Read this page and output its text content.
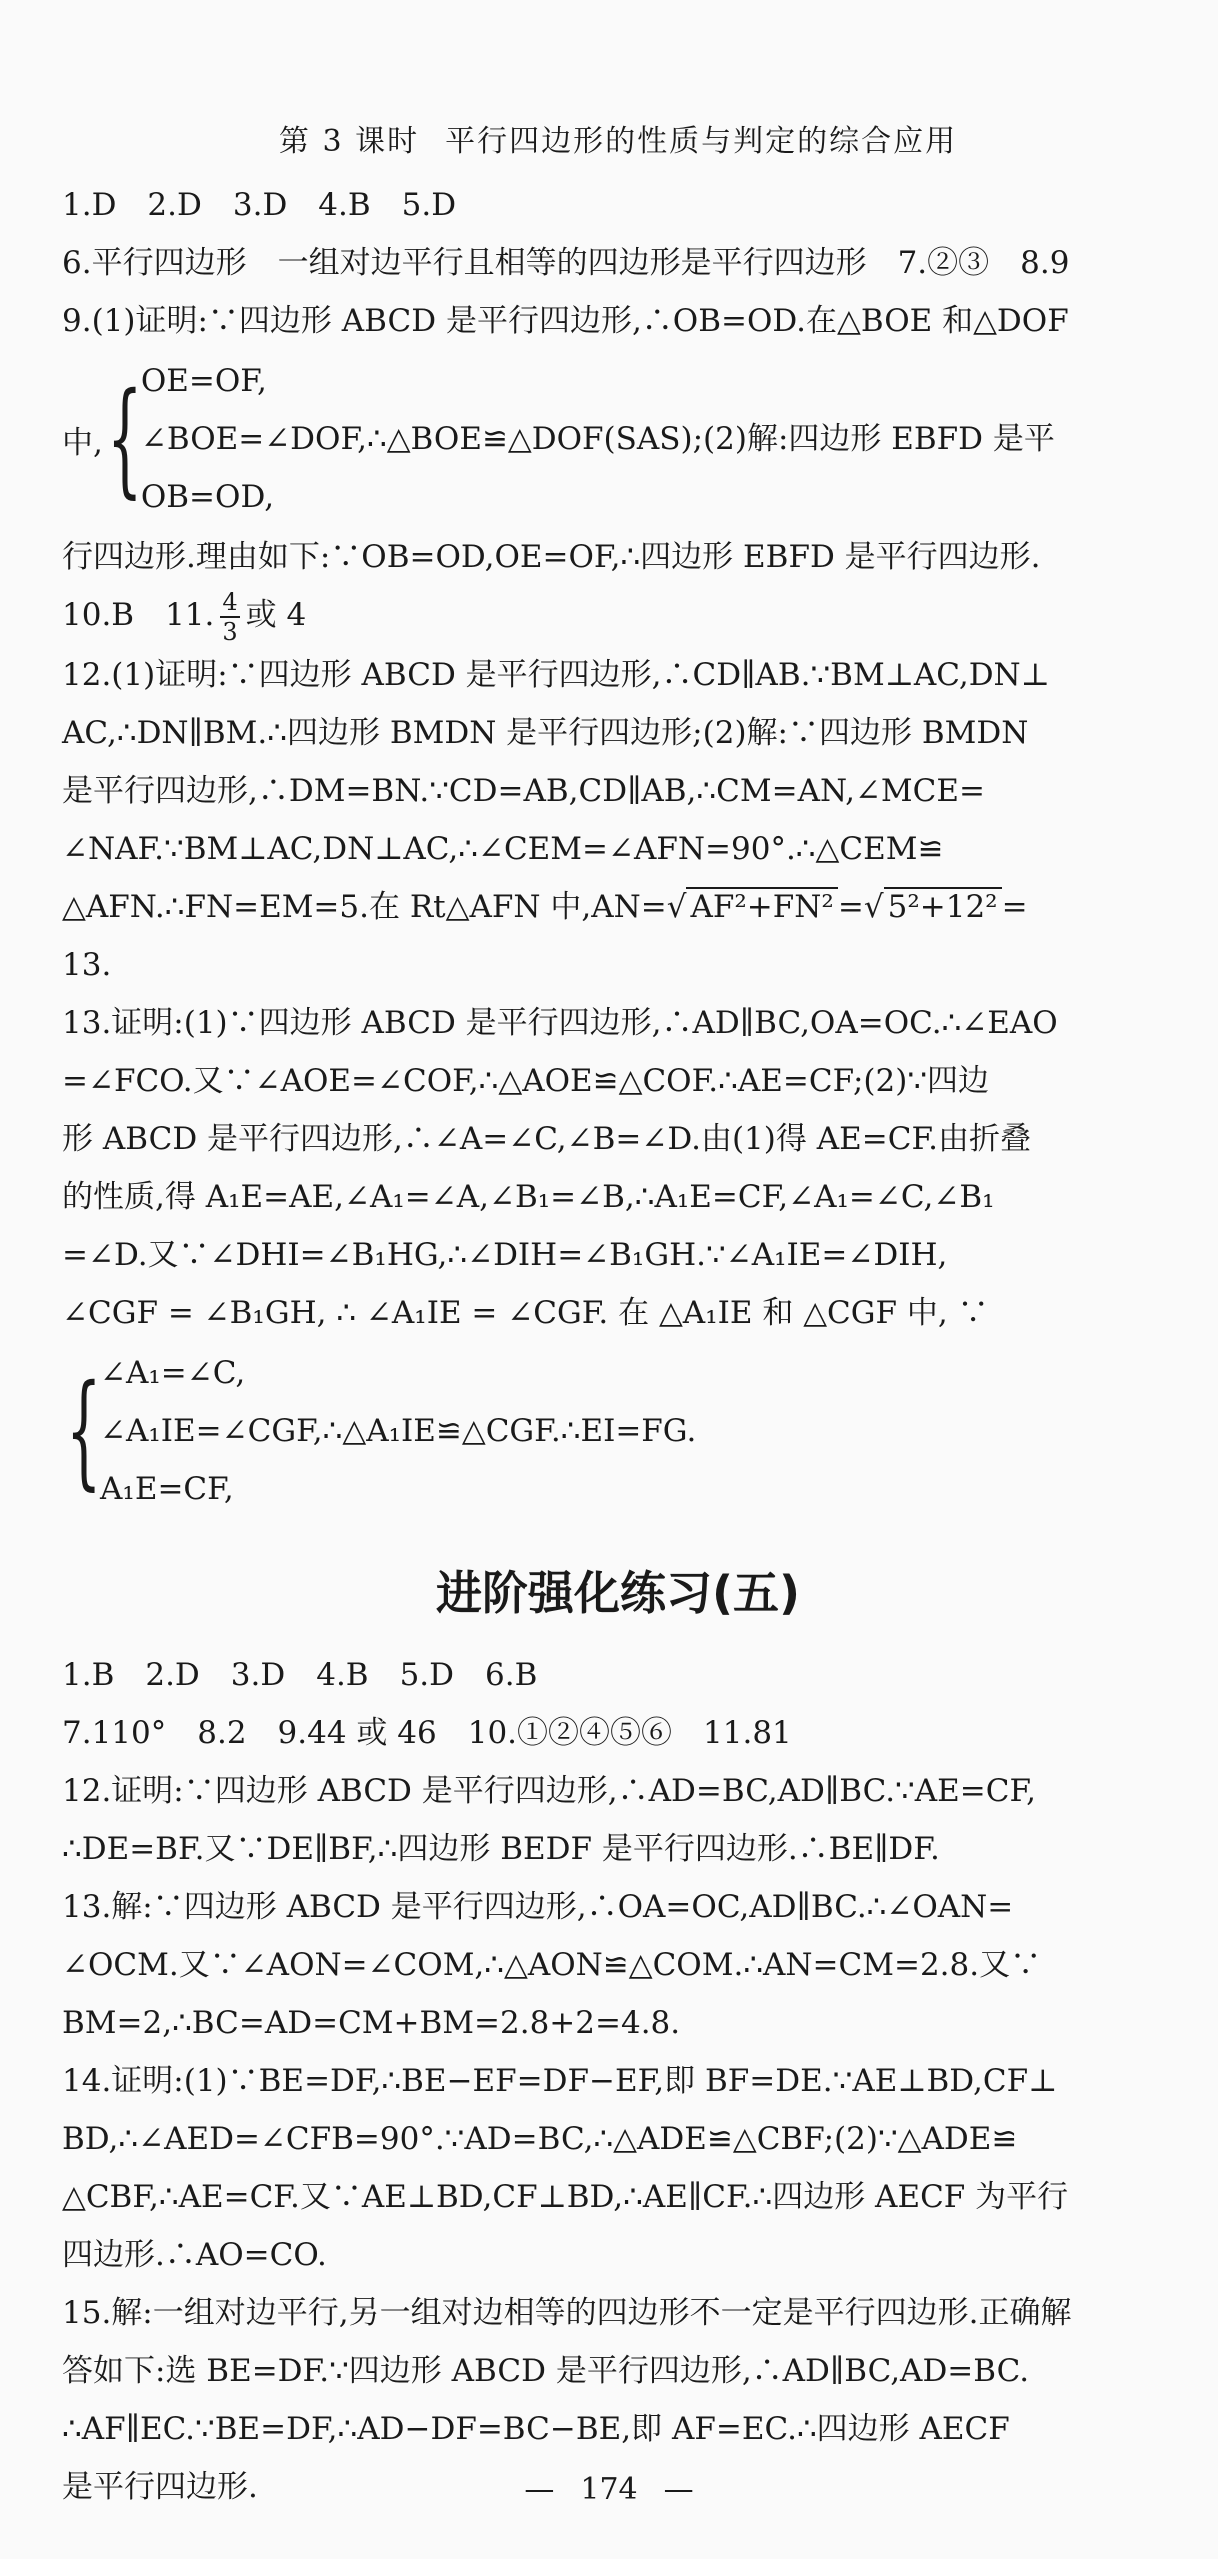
第 3 课时 平行四边形的性质与判定的综合应用

1.D　2.D　3.D　4.B　5.D

6.平行四边形　一组对边平行且相等的四边形是平行四边形　7.②③　8.9

9.(1)证明:∵四边形 ABCD 是平行四边形,∴OB=OD.在△BOE 和△DOF

中, {
OE=OF,
∠BOE=∠DOF,∴△BOE≌△DOF(SAS);(2)解:四边形 EBFD 是平
OB=OD,

行四边形.理由如下:∵OB=OD,OE=OF,∴四边形 EBFD 是平行四边形.

10.B　11. $\frac{4}{3}$ 或 4

12.(1)证明:∵四边形 ABCD 是平行四边形,∴CD∥AB.∵BM⊥AC,DN⊥

AC,∴DN∥BM.∴四边形 BMDN 是平行四边形;(2)解:∵四边形 BMDN

是平行四边形,∴DM=BN.∵CD=AB,CD∥AB,∴CM=AN,∠MCE=

∠NAF.∵BM⊥AC,DN⊥AC,∴∠CEM=∠AFN=90°.∴△CEM≌

△AFN.∴FN=EM=5.在 Rt△AFN 中,AN=√ AF²+FN² =√ 5²+12² =

13.

13.证明:(1)∵四边形 ABCD 是平行四边形,∴AD∥BC,OA=OC.∴∠EAO

=∠FCO.又∵∠AOE=∠COF,∴△AOE≌△COF.∴AE=CF;(2)∵四边

形 ABCD 是平行四边形,∴∠A=∠C,∠B=∠D.由(1)得 AE=CF.由折叠

的性质,得 A₁E=AE,∠A₁=∠A,∠B₁=∠B,∴A₁E=CF,∠A₁=∠C,∠B₁

=∠D.又∵∠DHI=∠B₁HG,∴∠DIH=∠B₁GH.∵∠A₁IE=∠DIH,

∠CGF = ∠B₁GH, ∴ ∠A₁IE = ∠CGF. 在 △A₁IE 和 △CGF 中, ∵

{
∠A₁=∠C,
∠A₁IE=∠CGF,∴△A₁IE≌△CGF.∴EI=FG.
A₁E=CF,
进阶强化练习(五)

1.B　2.D　3.D　4.B　5.D　6.B

7.110°　8.2　9.44 或 46　10.①②④⑤⑥　11.81

12.证明:∵四边形 ABCD 是平行四边形,∴AD=BC,AD∥BC.∵AE=CF,

∴DE=BF.又∵DE∥BF,∴四边形 BEDF 是平行四边形.∴BE∥DF.

13.解:∵四边形 ABCD 是平行四边形,∴OA=OC,AD∥BC.∴∠OAN=

∠OCM.又∵∠AON=∠COM,∴△AON≌△COM.∴AN=CM=2.8.又∵

BM=2,∴BC=AD=CM+BM=2.8+2=4.8.

14.证明:(1)∵BE=DF,∴BE−EF=DF−EF,即 BF=DE.∵AE⊥BD,CF⊥

BD,∴∠AED=∠CFB=90°.∵AD=BC,∴△ADE≌△CBF;(2)∵△ADE≌

△CBF,∴AE=CF.又∵AE⊥BD,CF⊥BD,∴AE∥CF.∴四边形 AECF 为平行

四边形.∴AO=CO.

15.解:一组对边平行,另一组对边相等的四边形不一定是平行四边形.正确解

答如下:选 BE=DF.∵四边形 ABCD 是平行四边形,∴AD∥BC,AD=BC.

∴AF∥EC.∵BE=DF,∴AD−DF=BC−BE,即 AF=EC.∴四边形 AECF

是平行四边形.	— 174 —
